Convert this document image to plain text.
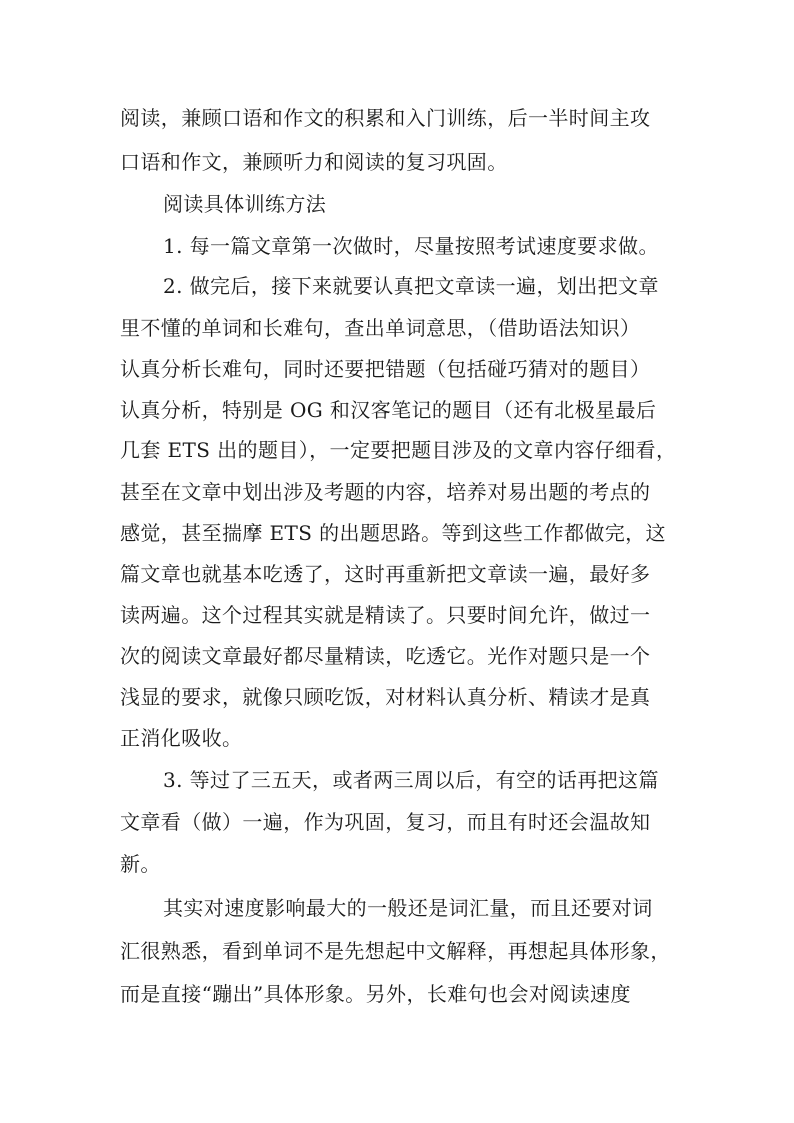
阅读，兼顾口语和作文的积累和入门训练，后一半时间主攻
口语和作文，兼顾听力和阅读的复习巩固。
阅读具体训练方法
1. 每一篇文章第一次做时，尽量按照考试速度要求做。
2. 做完后，接下来就要认真把文章读一遍，划出把文章
里不懂的单词和长难句，查出单词意思，（借助语法知识）
认真分析长难句，同时还要把错题（包括碰巧猜对的题目）
认真分析，特别是 OG 和汉客笔记的题目（还有北极星最后
几套 ETS 出的题目），一定要把题目涉及的文章内容仔细看，
甚至在文章中划出涉及考题的内容，培养对易出题的考点的
感觉，甚至揣摩 ETS 的出题思路。等到这些工作都做完，这
篇文章也就基本吃透了，这时再重新把文章读一遍，最好多
读两遍。这个过程其实就是精读了。只要时间允许，做过一
次的阅读文章最好都尽量精读，吃透它。光作对题只是一个
浅显的要求，就像只顾吃饭，对材料认真分析、精读才是真
正消化吸收。
3. 等过了三五天，或者两三周以后，有空的话再把这篇
文章看（做）一遍，作为巩固，复习，而且有时还会温故知
新。
其实对速度影响最大的一般还是词汇量，而且还要对词
汇很熟悉，看到单词不是先想起中文解释，再想起具体形象，
而是直接“蹦出”具体形象。另外，长难句也会对阅读速度
